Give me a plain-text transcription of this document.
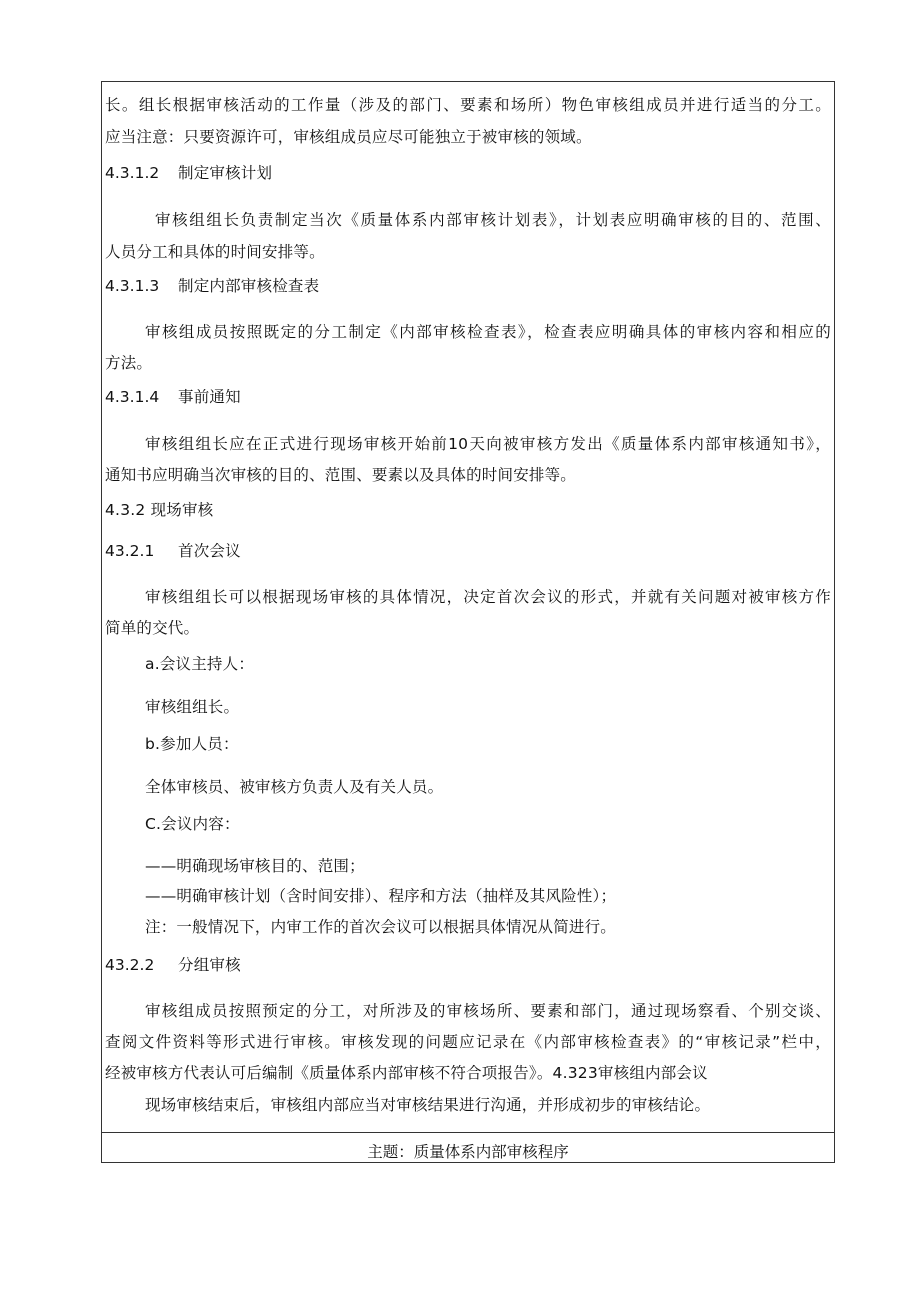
长。组长根据审核活动的工作量（涉及的部门、要素和场所）物色审核组成员并进行适当的分工。
应当注意：只要资源许可，审核组成员应尽可能独立于被审核的领域。
4.3.1.2 制定审核计划
审核组组长负责制定当次《质量体系内部审核计划表》，计划表应明确审核的目的、范围、
人员分工和具体的时间安排等。
4.3.1.3 制定内部审核检查表
审核组成员按照既定的分工制定《内部审核检查表》，检查表应明确具体的审核内容和相应的
方法。
4.3.1.4 事前通知
审核组组长应在正式进行现场审核开始前10天向被审核方发出《质量体系内部审核通知书》，
通知书应明确当次审核的目的、范围、要素以及具体的时间安排等。
4.3.2 现场审核
43.2.1 首次会议
审核组组长可以根据现场审核的具体情况，决定首次会议的形式，并就有关问题对被审核方作
简单的交代。
a.会议主持人：
审核组组长。
b.参加人员：
全体审核员、被审核方负责人及有关人员。
C.会议内容：
——明确现场审核目的、范围；
——明确审核计划（含时间安排）、程序和方法（抽样及其风险性）；
注：一般情况下，内审工作的首次会议可以根据具体情况从简进行。
43.2.2 分组审核
审核组成员按照预定的分工，对所涉及的审核场所、要素和部门，通过现场察看、个别交谈、
查阅文件资料等形式进行审核。审核发现的问题应记录在《内部审核检查表》的“审核记录”栏中，
经被审核方代表认可后编制《质量体系内部审核不符合项报告》。4.323审核组内部会议
现场审核结束后，审核组内部应当对审核结果进行沟通，并形成初步的审核结论。
主题：质量体系内部审核程序
